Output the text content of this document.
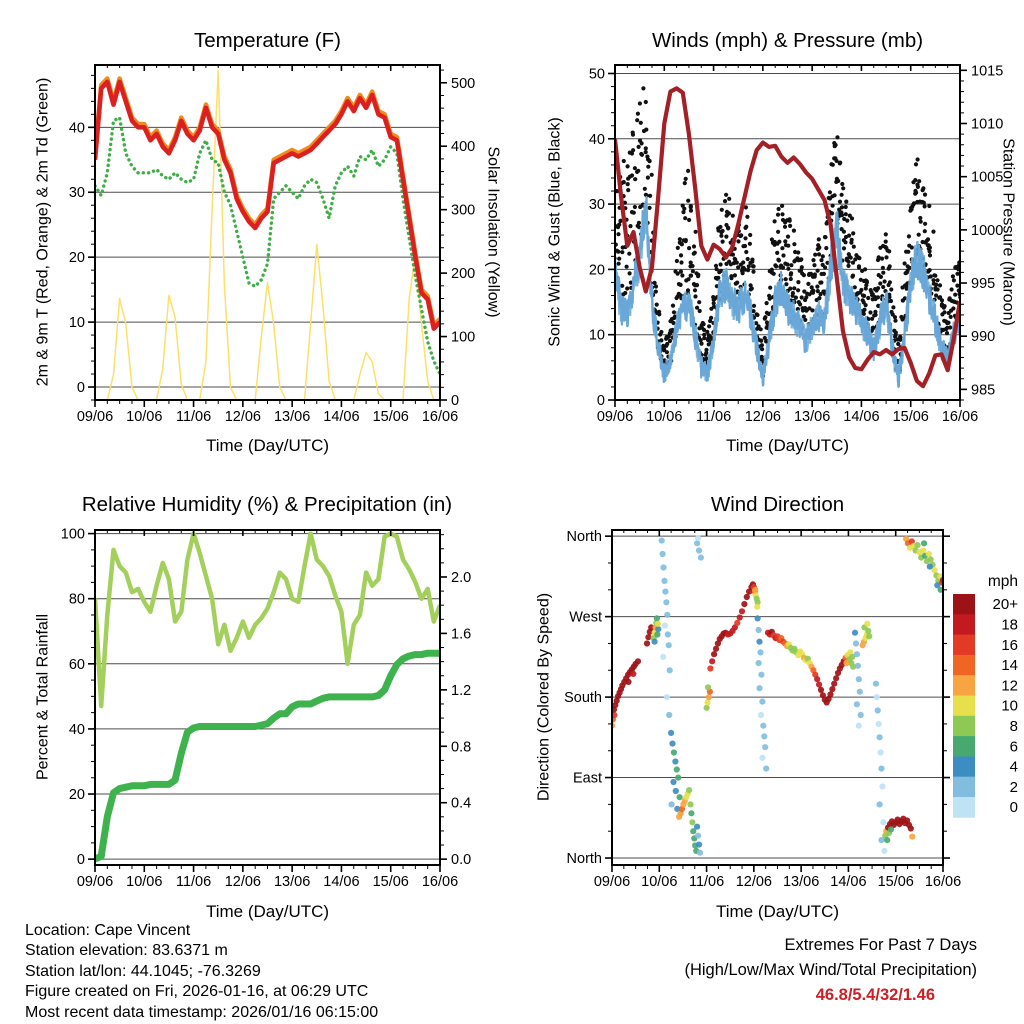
09/06 10/06 11/06 12/06 13/06 14/06 15/06 16/06
0
10
20
30
40
0
100
200
300
400
500
09/06 10/06 11/06 12/06 13/06 14/06 15/06 16/06
0
10
20
30
40
50
985
990
995
1000
1005
1010
1015
09/06 10/06 11/06 12/06 13/06 14/06 15/06 16/06
0
20
40
60
80
100
0.0
0.4
0.8
1.2
1.6
2.0
09/06 10/06 11/06 12/06 13/06 14/06 15/06 16/06
North
East
South
West
North
mph
20+
18
16
14
12
10
8
6
4
2
0
Temperature (F)	Winds (mph) & Pressure (mb)
Relative Humidity (%) & Precipitation (in)	Wind Direction
Time (Day/UTC)	Time (Day/UTC)
Time (Day/UTC)	Time (Day/UTC)
2m & 9m T (Red, Orange) & 2m Td (Green)	Solar Insolation (Yellow)	Sonic Wind & Gust (Blue, Black)	Station Pressure (Maroon)
Percent & Total Rainfall	Direction (Colored By Speed)
Location: Cape Vincent
Station elevation: 83.6371 m
Station lat/lon: 44.1045; -76.3269
Figure created on Fri, 2026-01-16, at 06:29 UTC
Most recent data timestamp: 2026/01/16 06:15:00
Extremes For Past 7 Days
(High/Low/Max Wind/Total Precipitation)
46.8/5.4/32/1.46
